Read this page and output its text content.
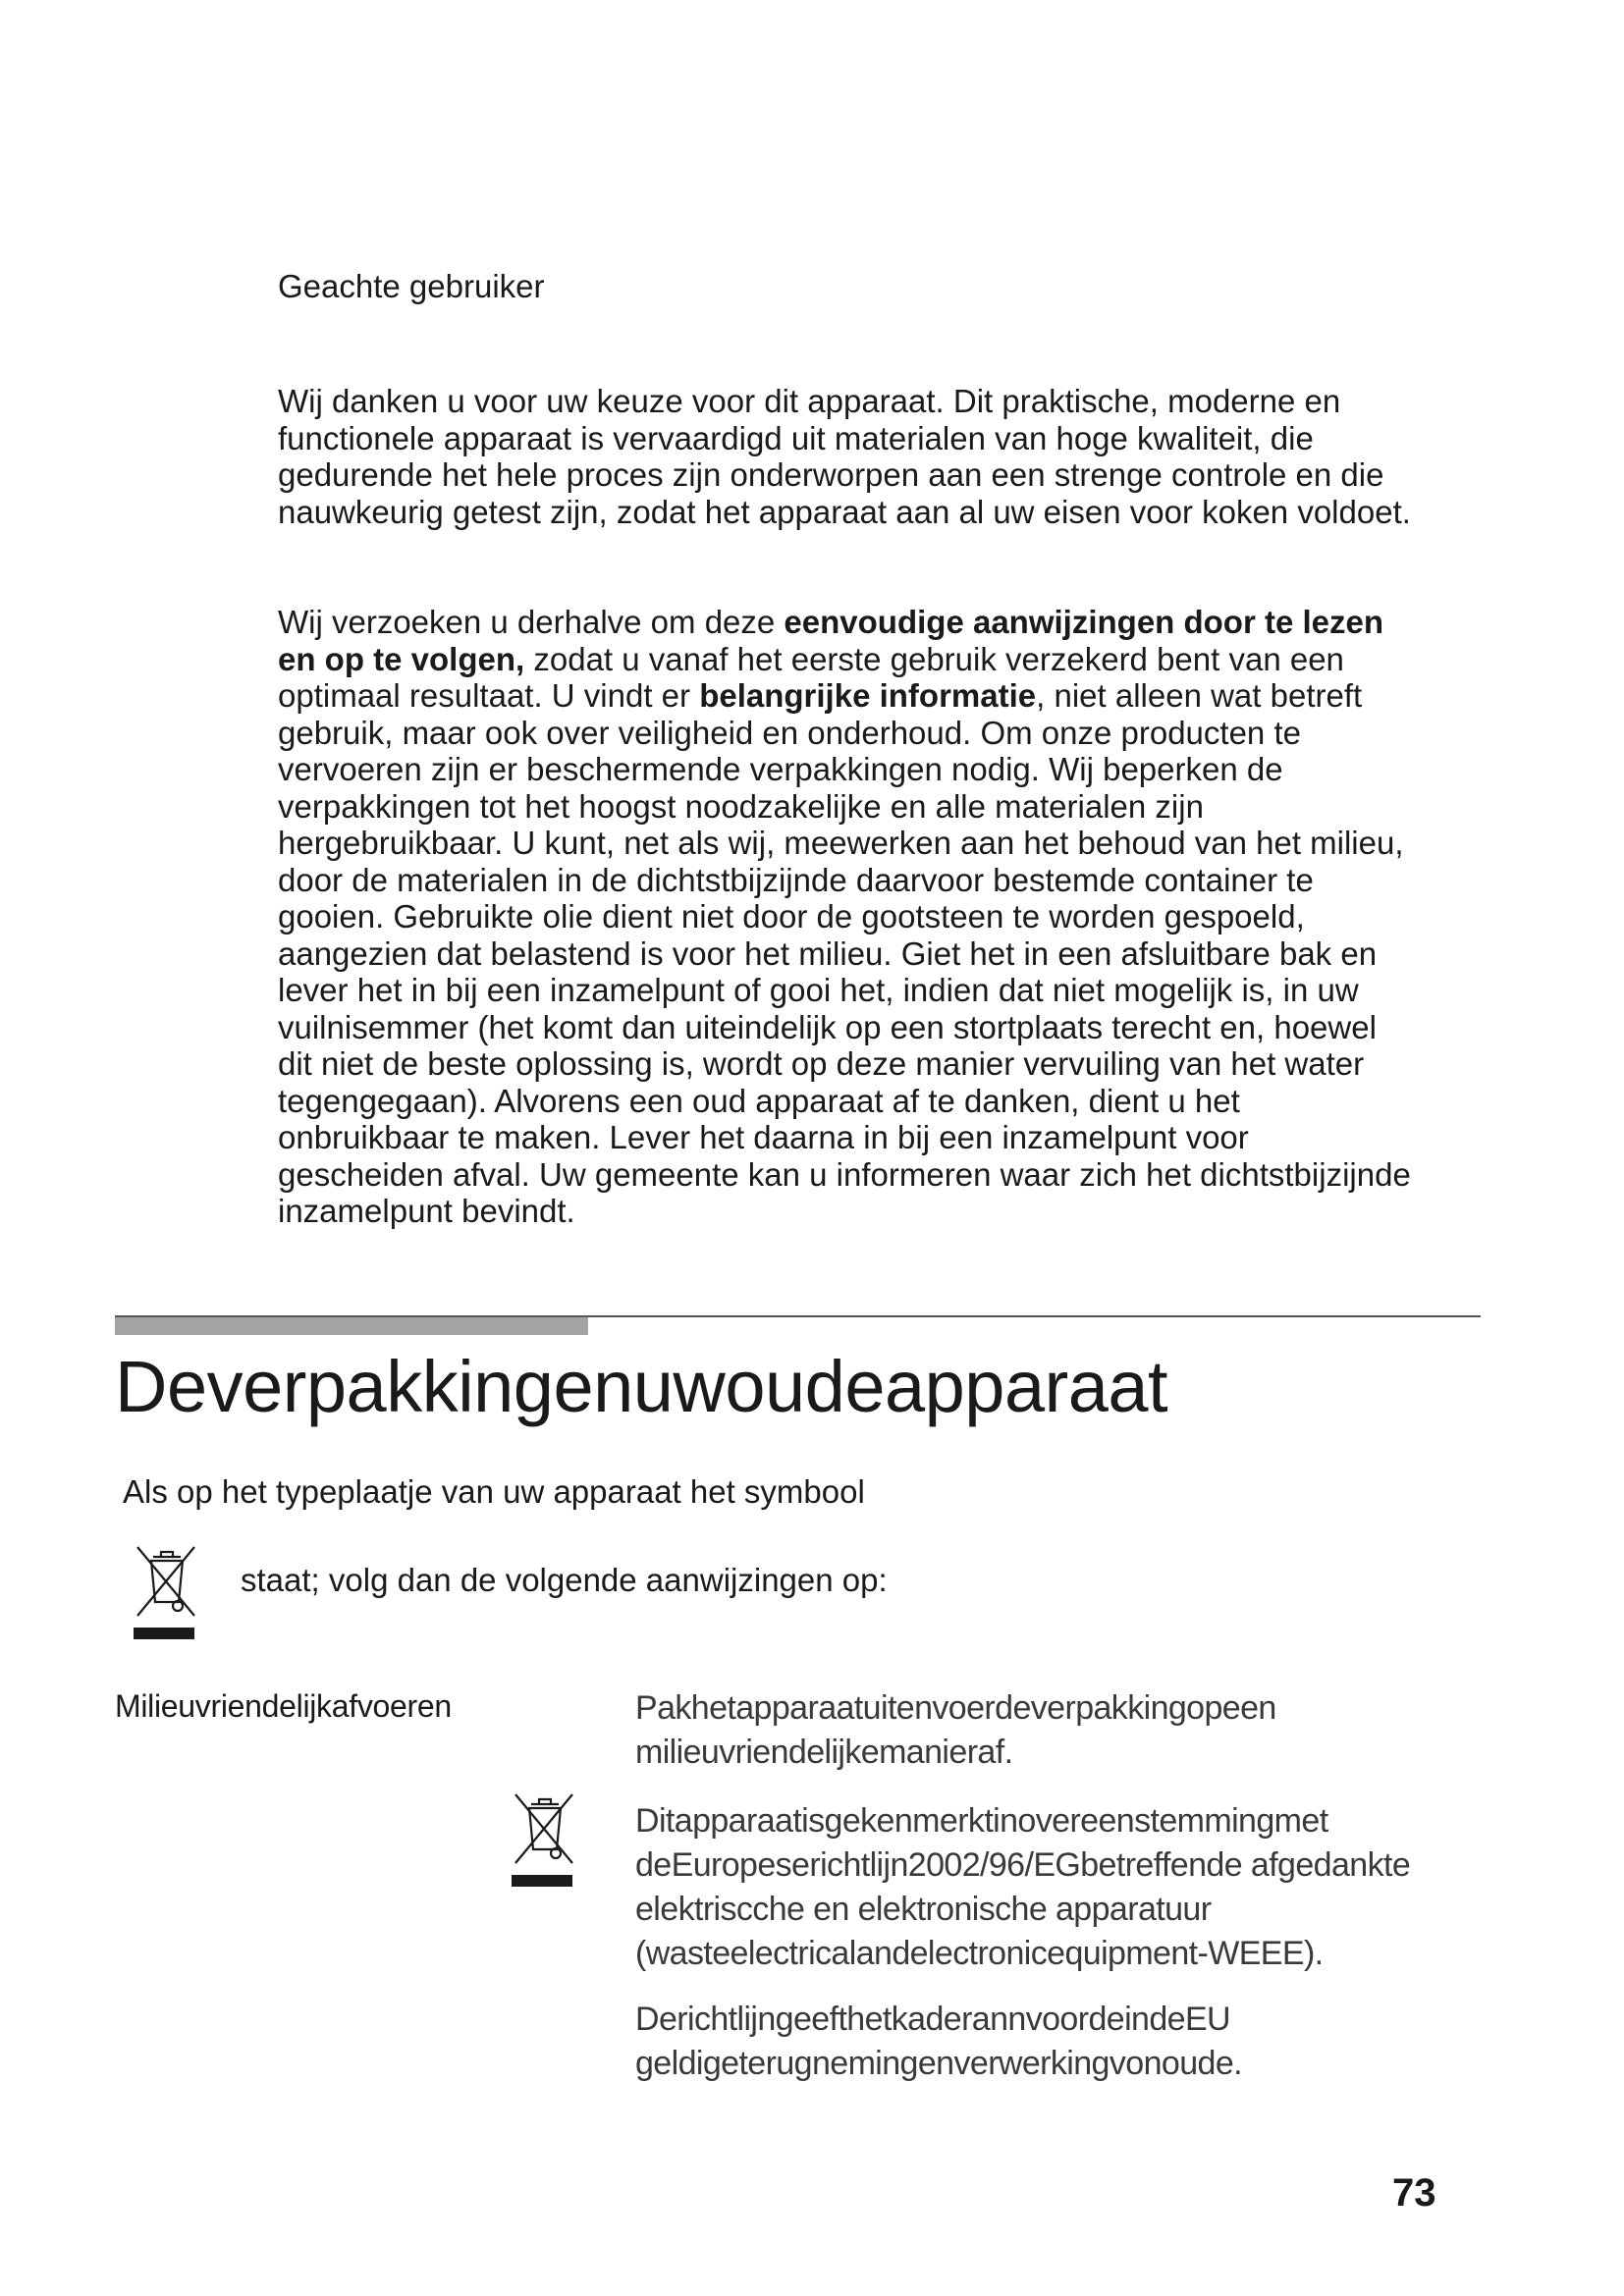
Geachte gebruiker

Wij danken u voor uw keuze voor dit apparaat. Dit praktische, moderne en functionele apparaat is vervaardigd uit materialen van hoge kwaliteit, die gedurende het hele proces zijn onderworpen aan een strenge controle en die nauwkeurig getest zijn, zodat het apparaat aan al uw eisen voor koken voldoet.

Wij verzoeken u derhalve om deze eenvoudige aanwijzingen door te lezen en op te volgen, zodat u vanaf het eerste gebruik verzekerd bent van een optimaal resultaat. U vindt er belangrijke informatie, niet alleen wat betreft gebruik, maar ook over veiligheid en onderhoud. Om onze producten te vervoeren zijn er beschermende verpakkingen nodig. Wij beperken de verpakkingen tot het hoogst noodzakelijke en alle materialen zijn hergebruikbaar. U kunt, net als wij, meewerken aan het behoud van het milieu, door de materialen in de dichtstbijzijnde daarvoor bestemde container te gooien. Gebruikte olie dient niet door de gootsteen te worden gespoeld, aangezien dat belastend is voor het milieu. Giet het in een afsluitbare bak en lever het in bij een inzamelpunt of gooi het, indien dat niet mogelijk is, in uw vuilnisemmer (het komt dan uiteindelijk op een stortplaats terecht en, hoewel dit niet de beste oplossing is, wordt op deze manier vervuiling van het water tegengegaan). Alvorens een oud apparaat af te danken, dient u het onbruikbaar te maken. Lever het daarna in bij een inzamelpunt voor gescheiden afval. Uw gemeente kan u informeren waar zich het dichtstbijzijnde inzamelpunt bevindt.

Deverpakkingenuwoudeapparaat

Als op het typeplaatje van uw apparaat het symbool

staat; volg dan de volgende aanwijzingen op:

Milieuvriendelijkafvoeren	Pakhetapparaatuitenvoerdeverpakkingopeen milieuvriendelijkemanieraf.

Ditapparaatisgekenmerktinovereenstemmingmet deEuropeserichtlijn2002/96/EGbetreffende afgedankte elektriscche en elektronische apparatuur (wasteelectricalandelectronicequipment-WEEE).

DerichtlijngeefthetkaderannvoordeindeEU geldigeterugnemingenverwerkingvonoude.

73
